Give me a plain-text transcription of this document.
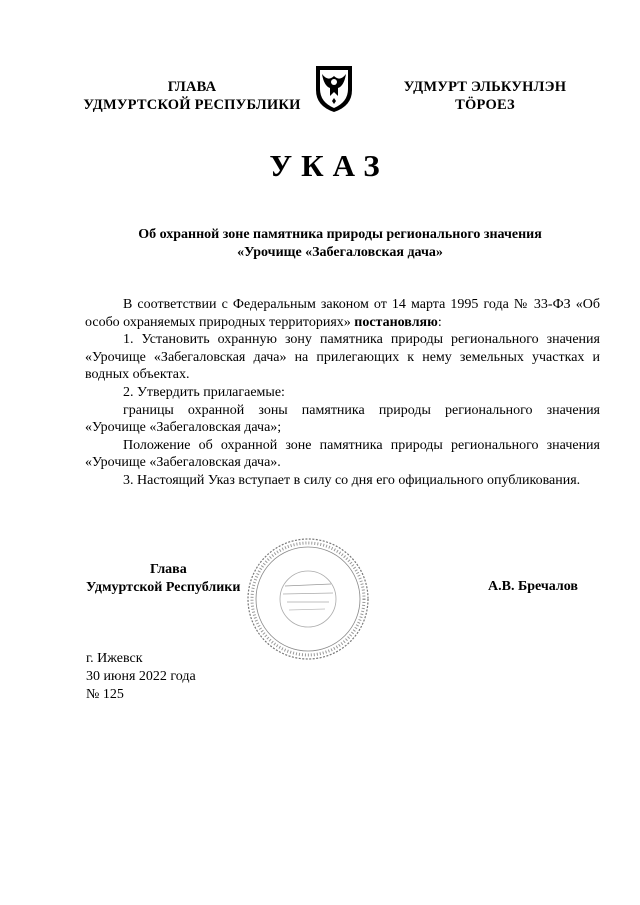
ГЛАВА
УДМУРТСКОЙ РЕСПУБЛИКИ
УДМУРТ ЭЛЬКУНЛЭН
ТӦРОЕЗ
УКАЗ
Об охранной зоне памятника природы регионального значения
«Урочище «Забегаловская дача»

В соответствии с Федеральным законом от 14 марта 1995 года № 33-ФЗ «Об особо охраняемых природных территориях» постановляю:

1. Установить охранную зону памятника природы регионального значения «Урочище «Забегаловская дача» на прилегающих к нему земельных участках и водных объектах.

2. Утвердить прилагаемые:

границы охранной зоны памятника природы регионального значения «Урочище «Забегаловская дача»;

Положение об охранной зоне памятника природы регионального значения «Урочище «Забегаловская дача».

3. Настоящий Указ вступает в силу со дня его официального опубликования.

Глава
Удмуртской Республики	А.В. Бречалов
г. Ижевск
30 июня 2022 года
№ 125
